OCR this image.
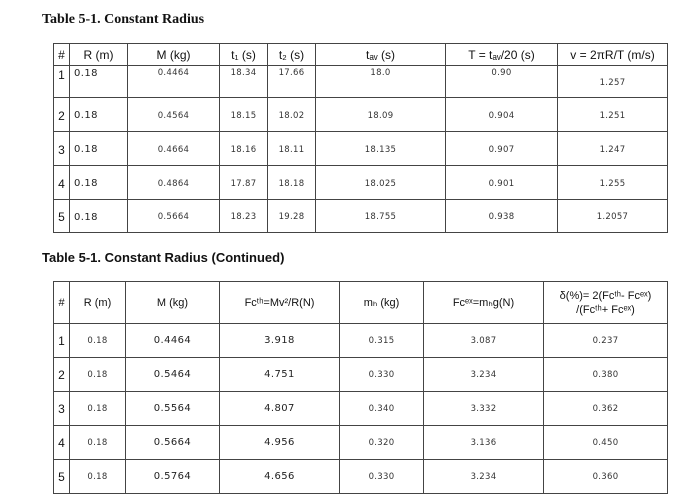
Table 5-1. Constant Radius
#	R (m)	M (kg)	t₁ (s)	t₂ (s)	tₐᵥ (s)	T = tₐᵥ/20 (s)	v = 2πR/T (m/s)
1	0.18	0.4464	18.34	17.66	18.0	0.90	1.257
2	0.18	0.4564	18.15	18.02	18.09	0.904	1.251
3	0.18	0.4664	18.16	18.11	18.135	0.907	1.247
4	0.18	0.4864	17.87	18.18	18.025	0.901	1.255
5	0.18	0.5664	18.23	19.28	18.755	0.938	1.2057
Table 5-1. Constant Radius (Continued)
#	R (m)	M (kg)	Fcᵗʰ=Mv²/R(N)	mₕ (kg)	Fcᵉˣ=mₕg(N)	δ(%)= 2(Fcᵗʰ- Fcᵉˣ)
/(Fcᵗʰ+ Fcᵉˣ)

1	0.18	0.4464	3.918	0.315	3.087	0.237
2	0.18	0.5464	4.751	0.330	3.234	0.380
3	0.18	0.5564	4.807	0.340	3.332	0.362
4	0.18	0.5664	4.956	0.320	3.136	0.450
5	0.18	0.5764	4.656	0.330	3.234	0.360
